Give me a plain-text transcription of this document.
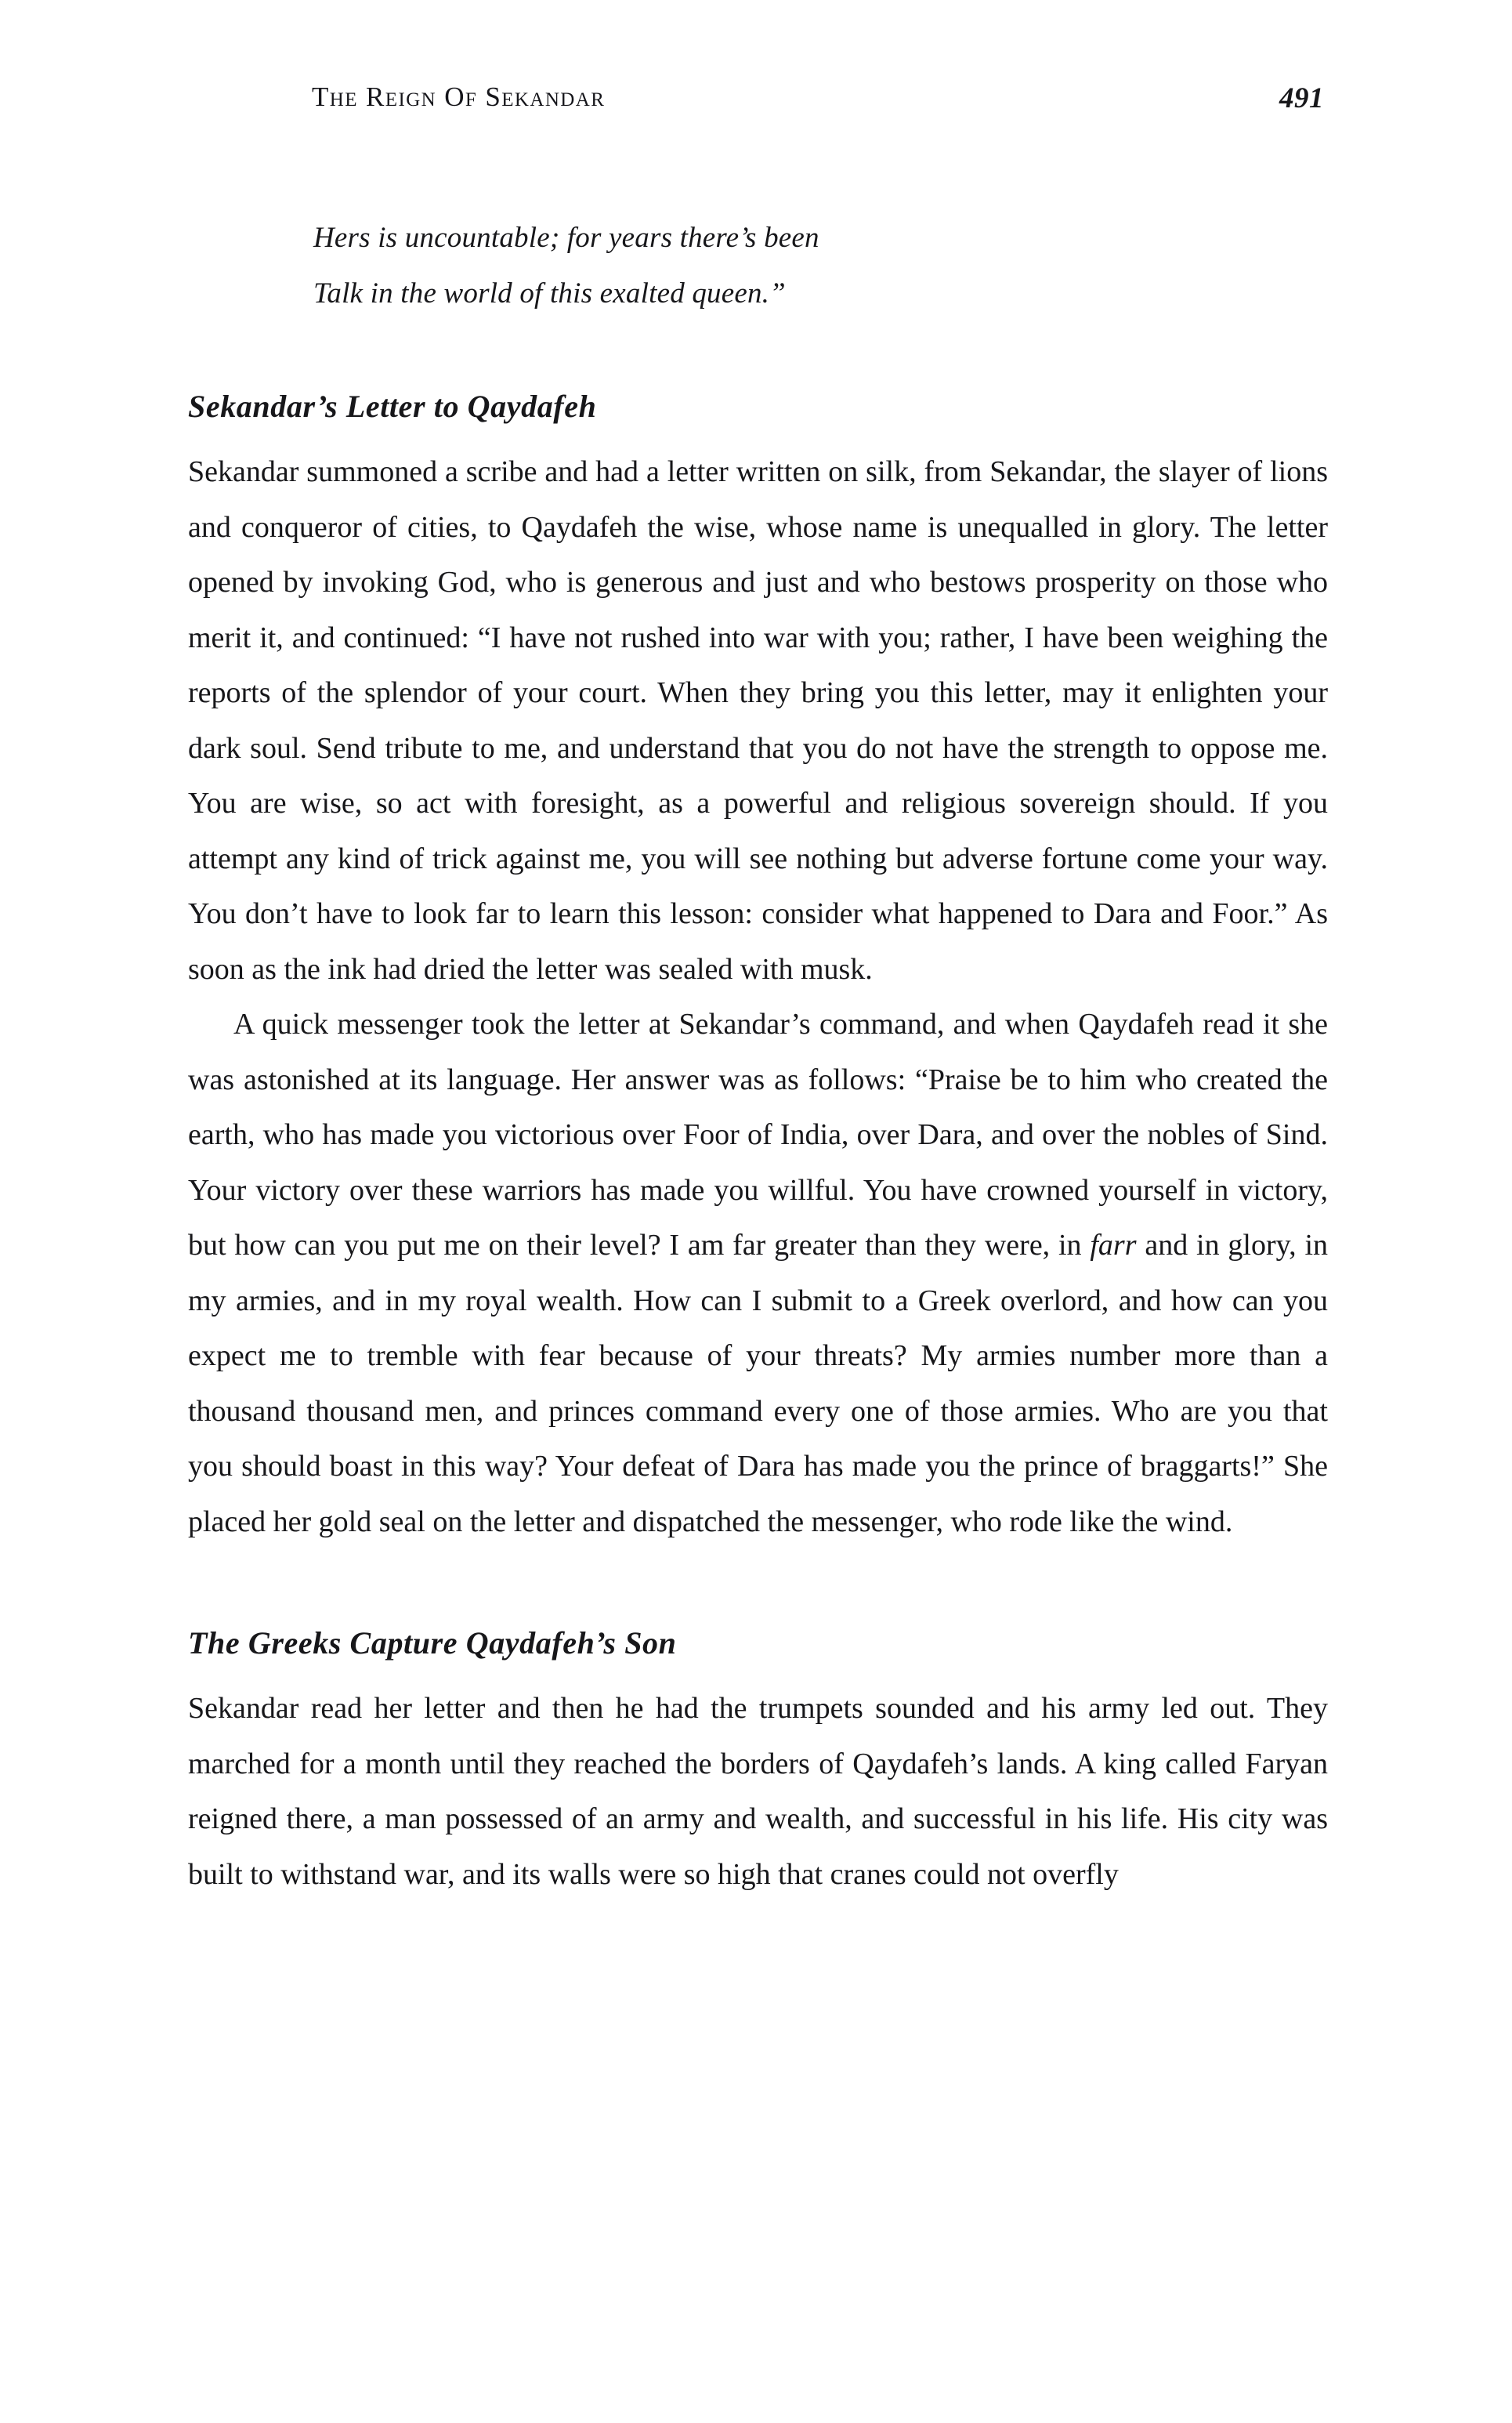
The Reign Of Sekandar	491
Hers is uncountable; for years there’s been
Talk in the world of this exalted queen.”
Sekandar’s Letter to Qaydafeh

Sekandar summoned a scribe and had a letter written on silk, from Sekandar, the slayer of lions and conqueror of cities, to Qaydafeh the wise, whose name is unequalled in glory. The letter opened by invoking God, who is generous and just and who bestows prosperity on those who merit it, and continued: “I have not rushed into war with you; rather, I have been weighing the reports of the splendor of your court. When they bring you this letter, may it enlighten your dark soul. Send tribute to me, and understand that you do not have the strength to oppose me. You are wise, so act with foresight, as a powerful and religious sovereign should. If you attempt any kind of trick against me, you will see nothing but adverse fortune come your way. You don’t have to look far to learn this lesson: consider what happened to Dara and Foor.” As soon as the ink had dried the letter was sealed with musk.

A quick messenger took the letter at Sekandar’s command, and when Qaydafeh read it she was astonished at its language. Her answer was as follows: “Praise be to him who created the earth, who has made you victorious over Foor of India, over Dara, and over the nobles of Sind. Your victory over these warriors has made you willful. You have crowned yourself in victory, but how can you put me on their level? I am far greater than they were, in farr and in glory, in my armies, and in my royal wealth. How can I submit to a Greek overlord, and how can you expect me to tremble with fear because of your threats? My armies number more than a thousand thousand men, and princes command every one of those armies. Who are you that you should boast in this way? Your defeat of Dara has made you the prince of braggarts!” She placed her gold seal on the letter and dispatched the messenger, who rode like the wind.

The Greeks Capture Qaydafeh’s Son

Sekandar read her letter and then he had the trumpets sounded and his army led out. They marched for a month until they reached the borders of Qaydafeh’s lands. A king called Faryan reigned there, a man possessed of an army and wealth, and successful in his life. His city was built to withstand war, and its walls were so high that cranes could not overfly
